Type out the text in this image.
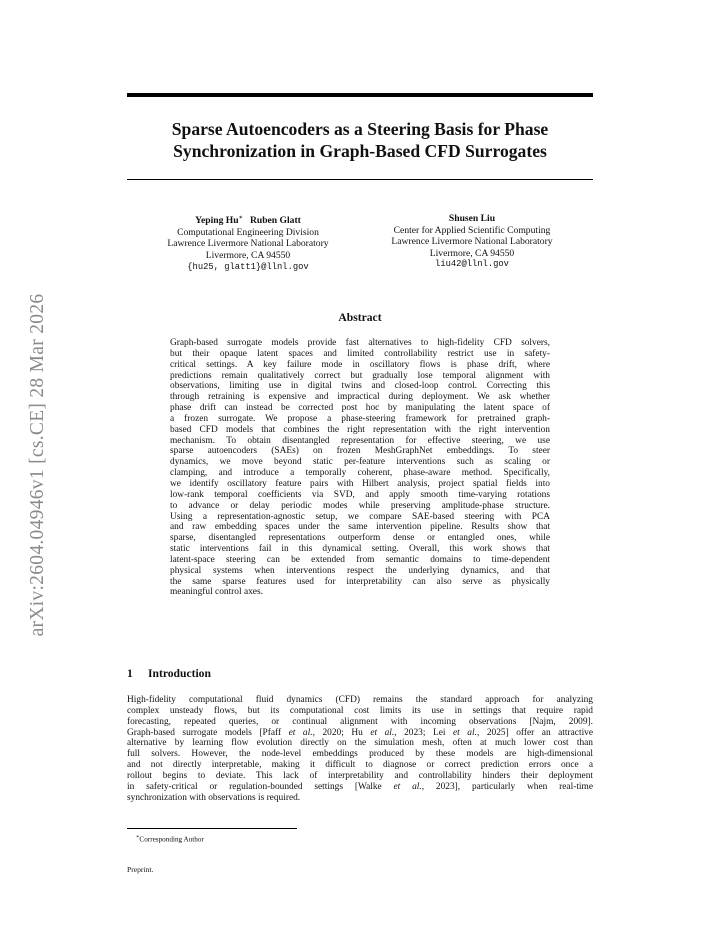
arXiv:2604.04946v1 [cs.CE] 28 Mar 2026
Sparse Autoencoders as a Steering Basis for Phase
Synchronization in Graph-Based CFD Surrogates
Yeping Hu∗ Ruben Glatt
Computational Engineering Division
Lawrence Livermore National Laboratory
Livermore, CA 94550
{hu25, glatt1}@llnl.gov
Shusen Liu
Center for Applied Scientific Computing
Lawrence Livermore National Laboratory
Livermore, CA 94550
liu42@llnl.gov
Abstract
Graph-based surrogate models provide fast alternatives to high-fidelity CFD solvers,
but their opaque latent spaces and limited controllability restrict use in safety-
critical settings. A key failure mode in oscillatory flows is phase drift, where
predictions remain qualitatively correct but gradually lose temporal alignment with
observations, limiting use in digital twins and closed-loop control. Correcting this
through retraining is expensive and impractical during deployment. We ask whether
phase drift can instead be corrected post hoc by manipulating the latent space of
a frozen surrogate. We propose a phase-steering framework for pretrained graph-
based CFD models that combines the right representation with the right intervention
mechanism. To obtain disentangled representation for effective steering, we use
sparse autoencoders (SAEs) on frozen MeshGraphNet embeddings. To steer
dynamics, we move beyond static per-feature interventions such as scaling or
clamping, and introduce a temporally coherent, phase-aware method. Specifically,
we identify oscillatory feature pairs with Hilbert analysis, project spatial fields into
low-rank temporal coefficients via SVD, and apply smooth time-varying rotations
to advance or delay periodic modes while preserving amplitude-phase structure.
Using a representation-agnostic setup, we compare SAE-based steering with PCA
and raw embedding spaces under the same intervention pipeline. Results show that
sparse, disentangled representations outperform dense or entangled ones, while
static interventions fail in this dynamical setting. Overall, this work shows that
latent-space steering can be extended from semantic domains to time-dependent
physical systems when interventions respect the underlying dynamics, and that
the same sparse features used for interpretability can also serve as physically
meaningful control axes.
1 Introduction
High-fidelity computational fluid dynamics (CFD) remains the standard approach for analyzing
complex unsteady flows, but its computational cost limits its use in settings that require rapid
forecasting, repeated queries, or continual alignment with incoming observations [Najm, 2009].
Graph-based surrogate models [Pfaff et al., 2020; Hu et al., 2023; Lei et al., 2025] offer an attractive
alternative by learning flow evolution directly on the simulation mesh, often at much lower cost than
full solvers. However, the node-level embeddings produced by these models are high-dimensional
and not directly interpretable, making it difficult to diagnose or correct prediction errors once a
rollout begins to deviate. This lack of interpretability and controllability hinders their deployment
in safety-critical or regulation-bounded settings [Walke et al., 2023], particularly when real-time
synchronization with observations is required.
∗Corresponding Author
Preprint.
